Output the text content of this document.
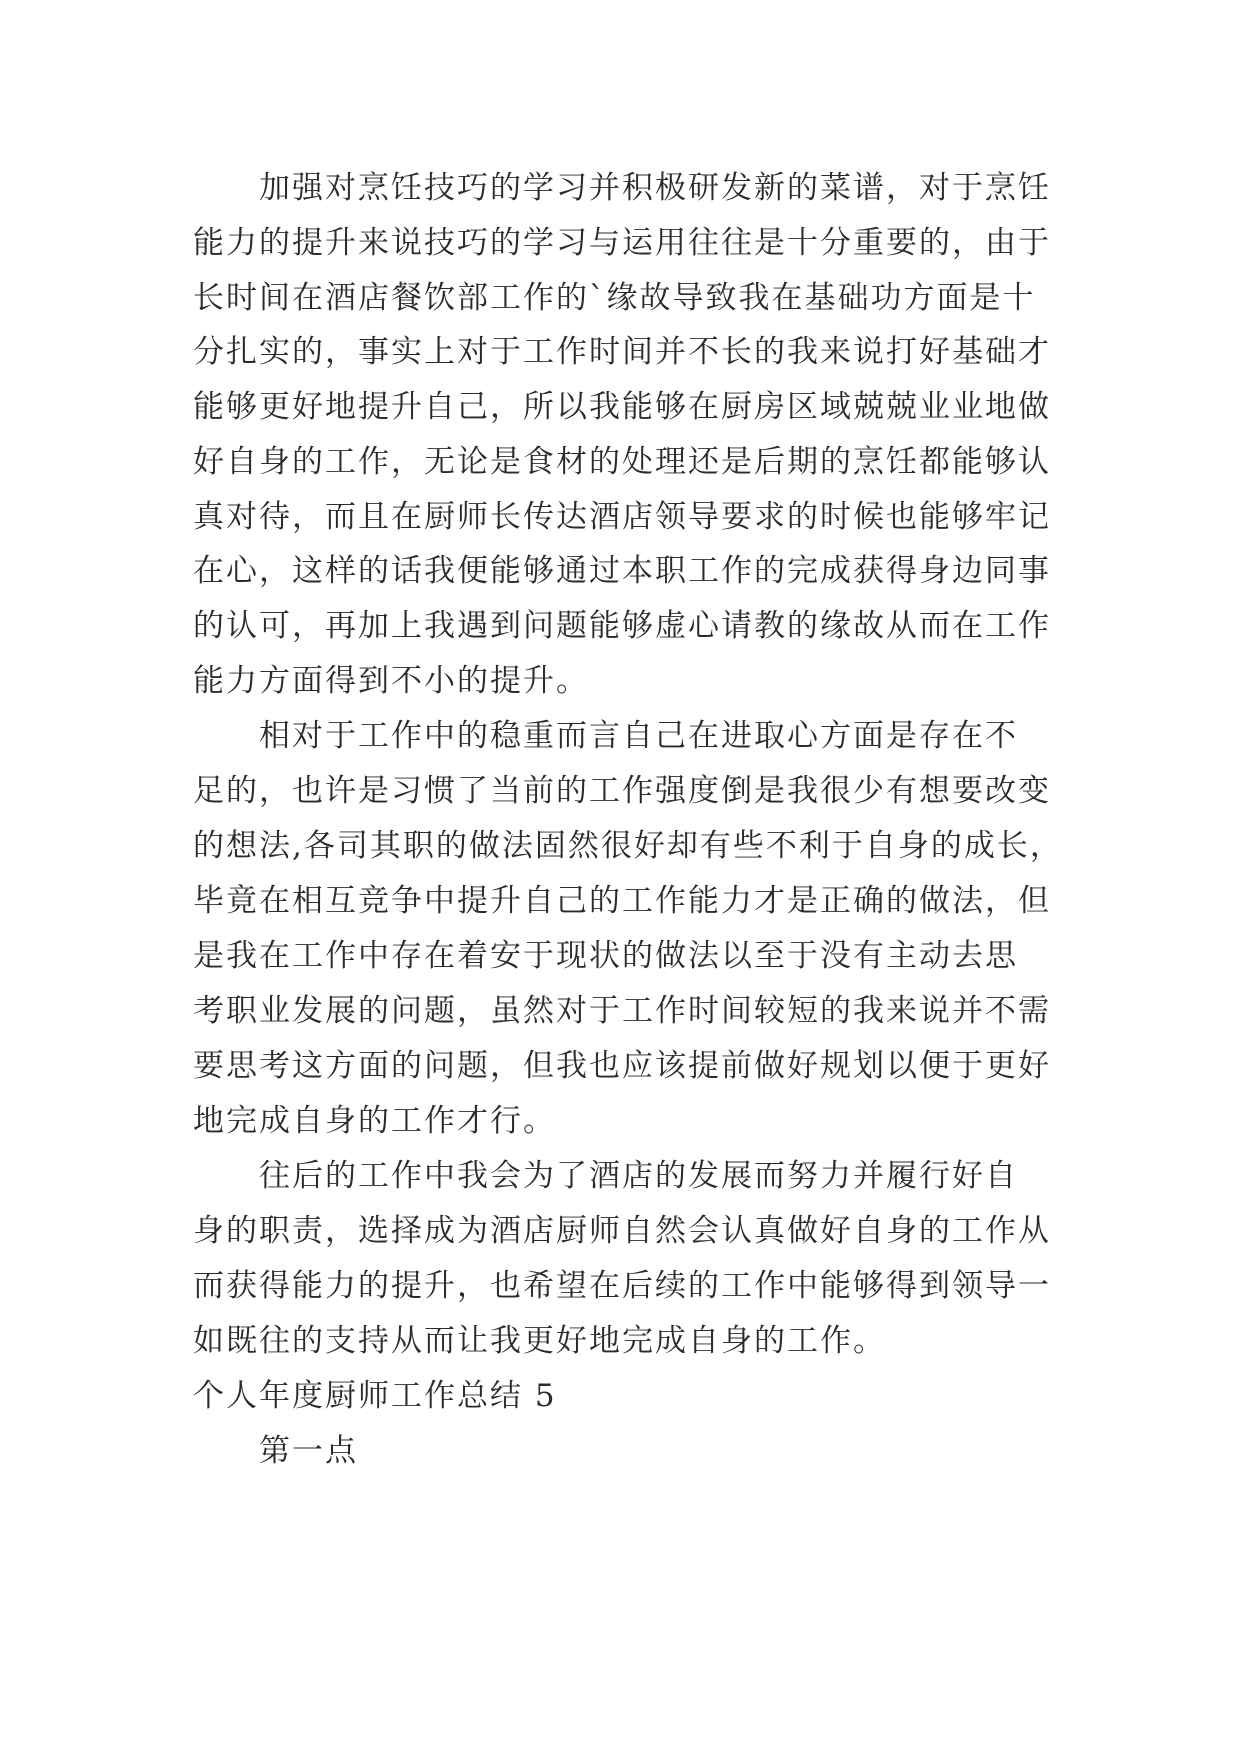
加强对烹饪技巧的学习并积极研发新的菜谱，对于烹饪
能力的提升来说技巧的学习与运用往往是十分重要的，由于
长时间在酒店餐饮部工作的`缘故导致我在基础功方面是十
分扎实的，事实上对于工作时间并不长的我来说打好基础才
能够更好地提升自己，所以我能够在厨房区域兢兢业业地做
好自身的工作，无论是食材的处理还是后期的烹饪都能够认
真对待，而且在厨师长传达酒店领导要求的时候也能够牢记
在心，这样的话我便能够通过本职工作的完成获得身边同事
的认可，再加上我遇到问题能够虚心请教的缘故从而在工作
能力方面得到不小的提升。
相对于工作中的稳重而言自己在进取心方面是存在不
足的，也许是习惯了当前的工作强度倒是我很少有想要改变
的想法,各司其职的做法固然很好却有些不利于自身的成长，
毕竟在相互竞争中提升自己的工作能力才是正确的做法，但
是我在工作中存在着安于现状的做法以至于没有主动去思
考职业发展的问题，虽然对于工作时间较短的我来说并不需
要思考这方面的问题，但我也应该提前做好规划以便于更好
地完成自身的工作才行。
往后的工作中我会为了酒店的发展而努力并履行好自
身的职责，选择成为酒店厨师自然会认真做好自身的工作从
而获得能力的提升，也希望在后续的工作中能够得到领导一
如既往的支持从而让我更好地完成自身的工作。
个人年度厨师工作总结 5
第一点
